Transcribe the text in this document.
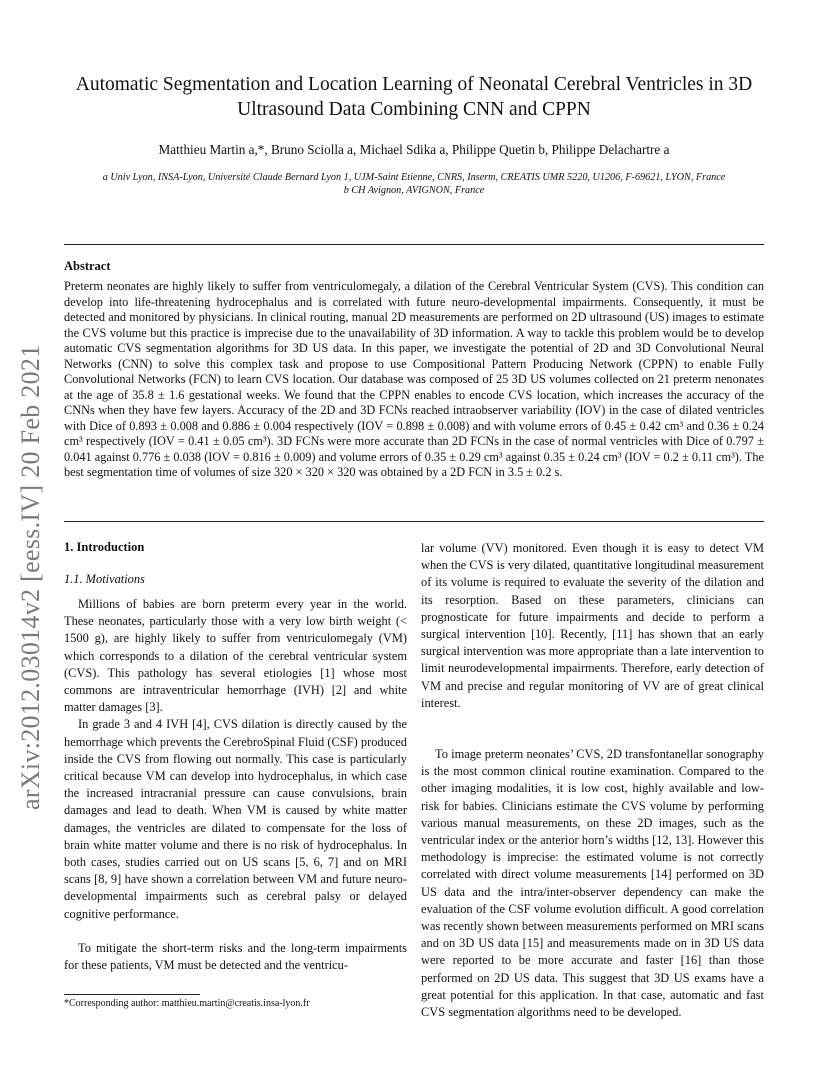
arXiv:2012.03014v2 [eess.IV] 20 Feb 2021
Automatic Segmentation and Location Learning of Neonatal Cerebral Ventricles in 3D Ultrasound Data Combining CNN and CPPN
Matthieu Martin a,*, Bruno Sciolla a, Michael Sdika a, Philippe Quetin b, Philippe Delachartre a
a Univ Lyon, INSA-Lyon, Université Claude Bernard Lyon 1, UJM-Saint Etienne, CNRS, Inserm, CREATIS UMR 5220, U1206, F-69621, LYON, France
b CH Avignon, AVIGNON, France
Abstract
Preterm neonates are highly likely to suffer from ventriculomegaly, a dilation of the Cerebral Ventricular System (CVS). This condition can develop into life-threatening hydrocephalus and is correlated with future neuro-developmental impairments. Consequently, it must be detected and monitored by physicians. In clinical routing, manual 2D measurements are performed on 2D ultrasound (US) images to estimate the CVS volume but this practice is imprecise due to the unavailability of 3D information. A way to tackle this problem would be to develop automatic CVS segmentation algorithms for 3D US data. In this paper, we investigate the potential of 2D and 3D Convolutional Neural Networks (CNN) to solve this complex task and propose to use Compositional Pattern Producing Network (CPPN) to enable Fully Convolutional Networks (FCN) to learn CVS location. Our database was composed of 25 3D US volumes collected on 21 preterm nenonates at the age of 35.8 ± 1.6 gestational weeks. We found that the CPPN enables to encode CVS location, which increases the accuracy of the CNNs when they have few layers. Accuracy of the 2D and 3D FCNs reached intraobserver variability (IOV) in the case of dilated ventricles with Dice of 0.893 ± 0.008 and 0.886 ± 0.004 respectively (IOV = 0.898 ± 0.008) and with volume errors of 0.45 ± 0.42 cm³ and 0.36 ± 0.24 cm³ respectively (IOV = 0.41 ± 0.05 cm³). 3D FCNs were more accurate than 2D FCNs in the case of normal ventricles with Dice of 0.797 ± 0.041 against 0.776 ± 0.038 (IOV = 0.816 ± 0.009) and volume errors of 0.35 ± 0.29 cm³ against 0.35 ± 0.24 cm³ (IOV = 0.2 ± 0.11 cm³). The best segmentation time of volumes of size 320 × 320 × 320 was obtained by a 2D FCN in 3.5 ± 0.2 s.
1. Introduction
1.1. Motivations

Millions of babies are born preterm every year in the world. These neonates, particularly those with a very low birth weight (< 1500 g), are highly likely to suffer from ventriculomegaly (VM) which corresponds to a dilation of the cerebral ventricular system (CVS). This pathology has several etiologies [1] whose most commons are intraventricular hemorrhage (IVH) [2] and white matter damages [3].

In grade 3 and 4 IVH [4], CVS dilation is directly caused by the hemorrhage which prevents the CerebroSpinal Fluid (CSF) produced inside the CVS from flowing out normally. This case is particularly critical because VM can develop into hydrocephalus, in which case the increased intracranial pressure can cause convulsions, brain damages and lead to death. When VM is caused by white matter damages, the ventricles are dilated to compensate for the loss of brain white matter volume and there is no risk of hydrocephalus. In both cases, studies carried out on US scans [5, 6, 7] and on MRI scans [8, 9] have shown a correlation between VM and future neuro-developmental impairments such as cerebral palsy or delayed cognitive performance.

To mitigate the short-term risks and the long-term impairments for these patients, VM must be detected and the ventricu-

lar volume (VV) monitored. Even though it is easy to detect VM when the CVS is very dilated, quantitative longitudinal measurement of its volume is required to evaluate the severity of the dilation and its resorption. Based on these parameters, clinicians can prognosticate for future impairments and decide to perform a surgical intervention [10]. Recently, [11] has shown that an early surgical intervention was more appropriate than a late intervention to limit neurodevelopmental impairments. Therefore, early detection of VM and precise and regular monitoring of VV are of great clinical interest.

To image preterm neonates’ CVS, 2D transfontanellar sonography is the most common clinical routine examination. Compared to the other imaging modalities, it is low cost, highly available and low-risk for babies. Clinicians estimate the CVS volume by performing various manual measurements, on these 2D images, such as the ventricular index or the anterior horn’s widths [12, 13]. However this methodology is imprecise: the estimated volume is not correctly correlated with direct volume measurements [14] performed on 3D US data and the intra/inter-observer dependency can make the evaluation of the CSF volume evolution difficult. A good correlation was recently shown between measurements performed on MRI scans and on 3D US data [15] and measurements made on in 3D US data were reported to be more accurate and faster [16] than those performed on 2D US data. This suggest that 3D US exams have a great potential for this application. In that case, automatic and fast CVS segmentation algorithms need to be developed.

*Corresponding author: matthieu.martin@creatis.insa-lyon.fr
